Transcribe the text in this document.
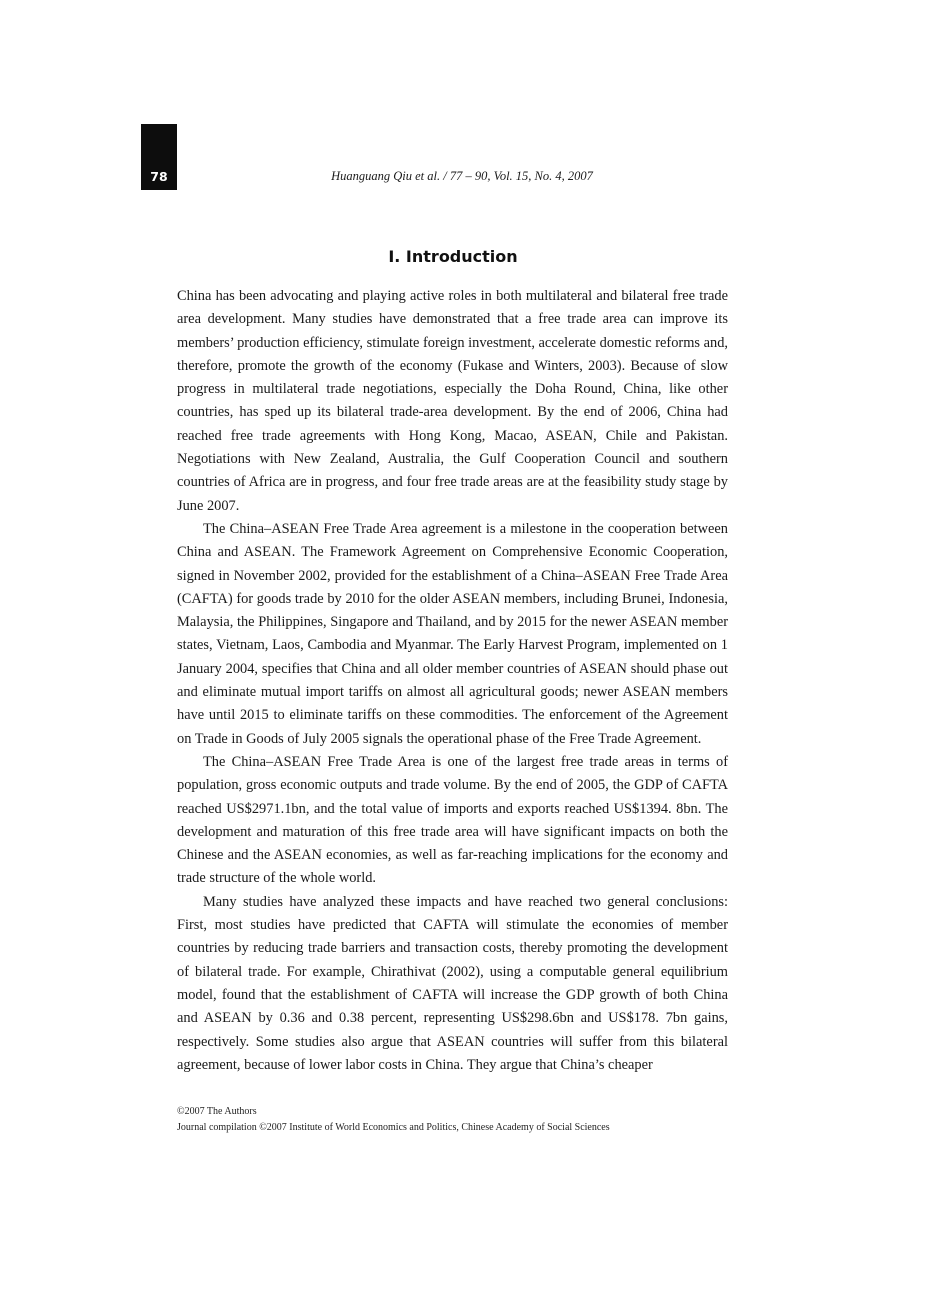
78	Huanguang Qiu et al. / 77 – 90, Vol. 15, No. 4, 2007
I. Introduction

China has been advocating and playing active roles in both multilateral and bilateral free trade area development. Many studies have demonstrated that a free trade area can improve its members’ production efficiency, stimulate foreign investment, accelerate domestic reforms and, therefore, promote the growth of the economy (Fukase and Winters, 2003). Because of slow progress in multilateral trade negotiations, especially the Doha Round, China, like other countries, has sped up its bilateral trade-area development. By the end of 2006, China had reached free trade agreements with Hong Kong, Macao, ASEAN, Chile and Pakistan. Negotiations with New Zealand, Australia, the Gulf Cooperation Council and southern countries of Africa are in progress, and four free trade areas are at the feasibility study stage by June 2007.

The China–ASEAN Free Trade Area agreement is a milestone in the cooperation between China and ASEAN. The Framework Agreement on Comprehensive Economic Cooperation, signed in November 2002, provided for the establishment of a China–ASEAN Free Trade Area (CAFTA) for goods trade by 2010 for the older ASEAN members, including Brunei, Indonesia, Malaysia, the Philippines, Singapore and Thailand, and by 2015 for the newer ASEAN member states, Vietnam, Laos, Cambodia and Myanmar. The Early Harvest Program, implemented on 1 January 2004, specifies that China and all older member countries of ASEAN should phase out and eliminate mutual import tariffs on almost all agricultural goods; newer ASEAN members have until 2015 to eliminate tariffs on these commodities. The enforcement of the Agreement on Trade in Goods of July 2005 signals the operational phase of the Free Trade Agreement.

The China–ASEAN Free Trade Area is one of the largest free trade areas in terms of population, gross economic outputs and trade volume. By the end of 2005, the GDP of CAFTA reached US$2971.1bn, and the total value of imports and exports reached US$1394. 8bn. The development and maturation of this free trade area will have significant impacts on both the Chinese and the ASEAN economies, as well as far-reaching implications for the economy and trade structure of the whole world.

Many studies have analyzed these impacts and have reached two general conclusions: First, most studies have predicted that CAFTA will stimulate the economies of member countries by reducing trade barriers and transaction costs, thereby promoting the development of bilateral trade. For example, Chirathivat (2002), using a computable general equilibrium model, found that the establishment of CAFTA will increase the GDP growth of both China and ASEAN by 0.36 and 0.38 percent, representing US$298.6bn and US$178. 7bn gains, respectively. Some studies also argue that ASEAN countries will suffer from this bilateral agreement, because of lower labor costs in China. They argue that China’s cheaper

©2007 The Authors
Journal compilation ©2007 Institute of World Economics and Politics, Chinese Academy of Social Sciences
